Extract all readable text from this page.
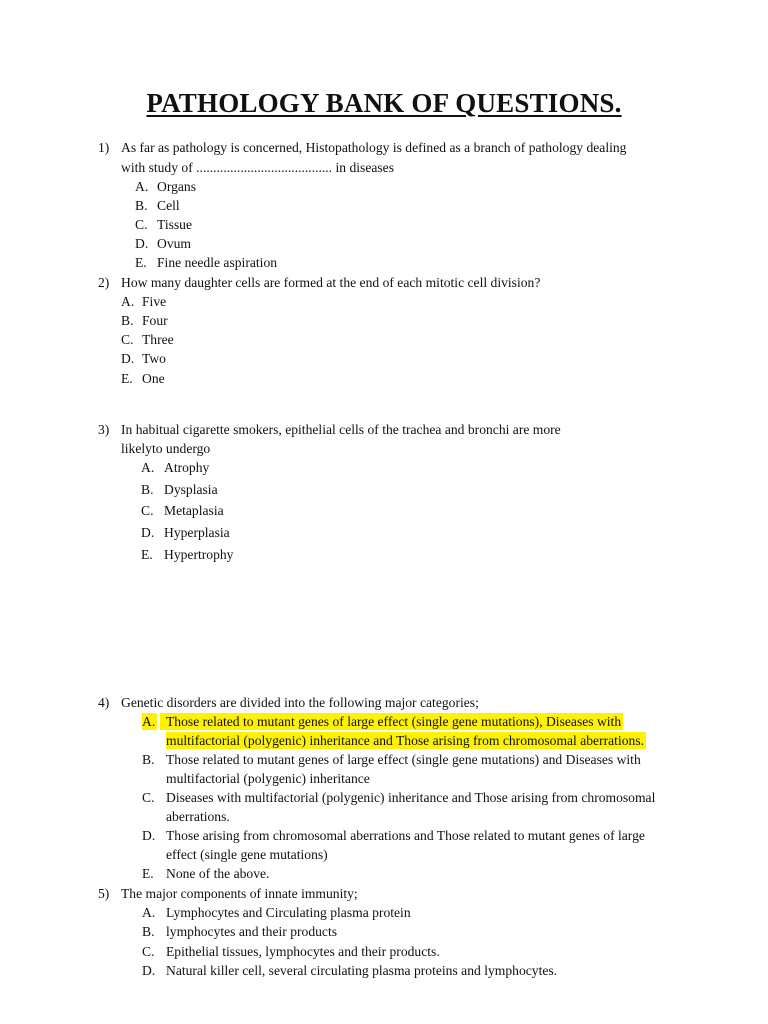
PATHOLOGY BANK OF QUESTIONS.
1) As far as pathology is concerned, Histopathology is defined as a branch of pathology dealing
with study of ........................................ in diseases
A. Organs
B. Cell
C. Tissue
D. Ovum
E. Fine needle aspiration
2) How many daughter cells are formed at the end of each mitotic cell division?
A. Five
B. Four
C. Three
D. Two
E. One
3) In habitual cigarette smokers, epithelial cells of the trachea and bronchi are more
likelyto undergo
A. Atrophy
B. Dysplasia
C. Metaplasia
D. Hyperplasia
E. Hypertrophy
4) Genetic disorders are divided into the following major categories;
A. Those related to mutant genes of large effect (single gene mutations), Diseases with
multifactorial (polygenic) inheritance and Those arising from chromosomal aberrations.
B. Those related to mutant genes of large effect (single gene mutations) and Diseases with
multifactorial (polygenic) inheritance
C. Diseases with multifactorial (polygenic) inheritance and Those arising from chromosomal
aberrations.
D. Those arising from chromosomal aberrations and Those related to mutant genes of large
effect (single gene mutations)
E. None of the above.
5) The major components of innate immunity;
A. Lymphocytes and Circulating plasma protein
B. lymphocytes and their products
C. Epithelial tissues, lymphocytes and their products.
D. Natural killer cell, several circulating plasma proteins and lymphocytes.
